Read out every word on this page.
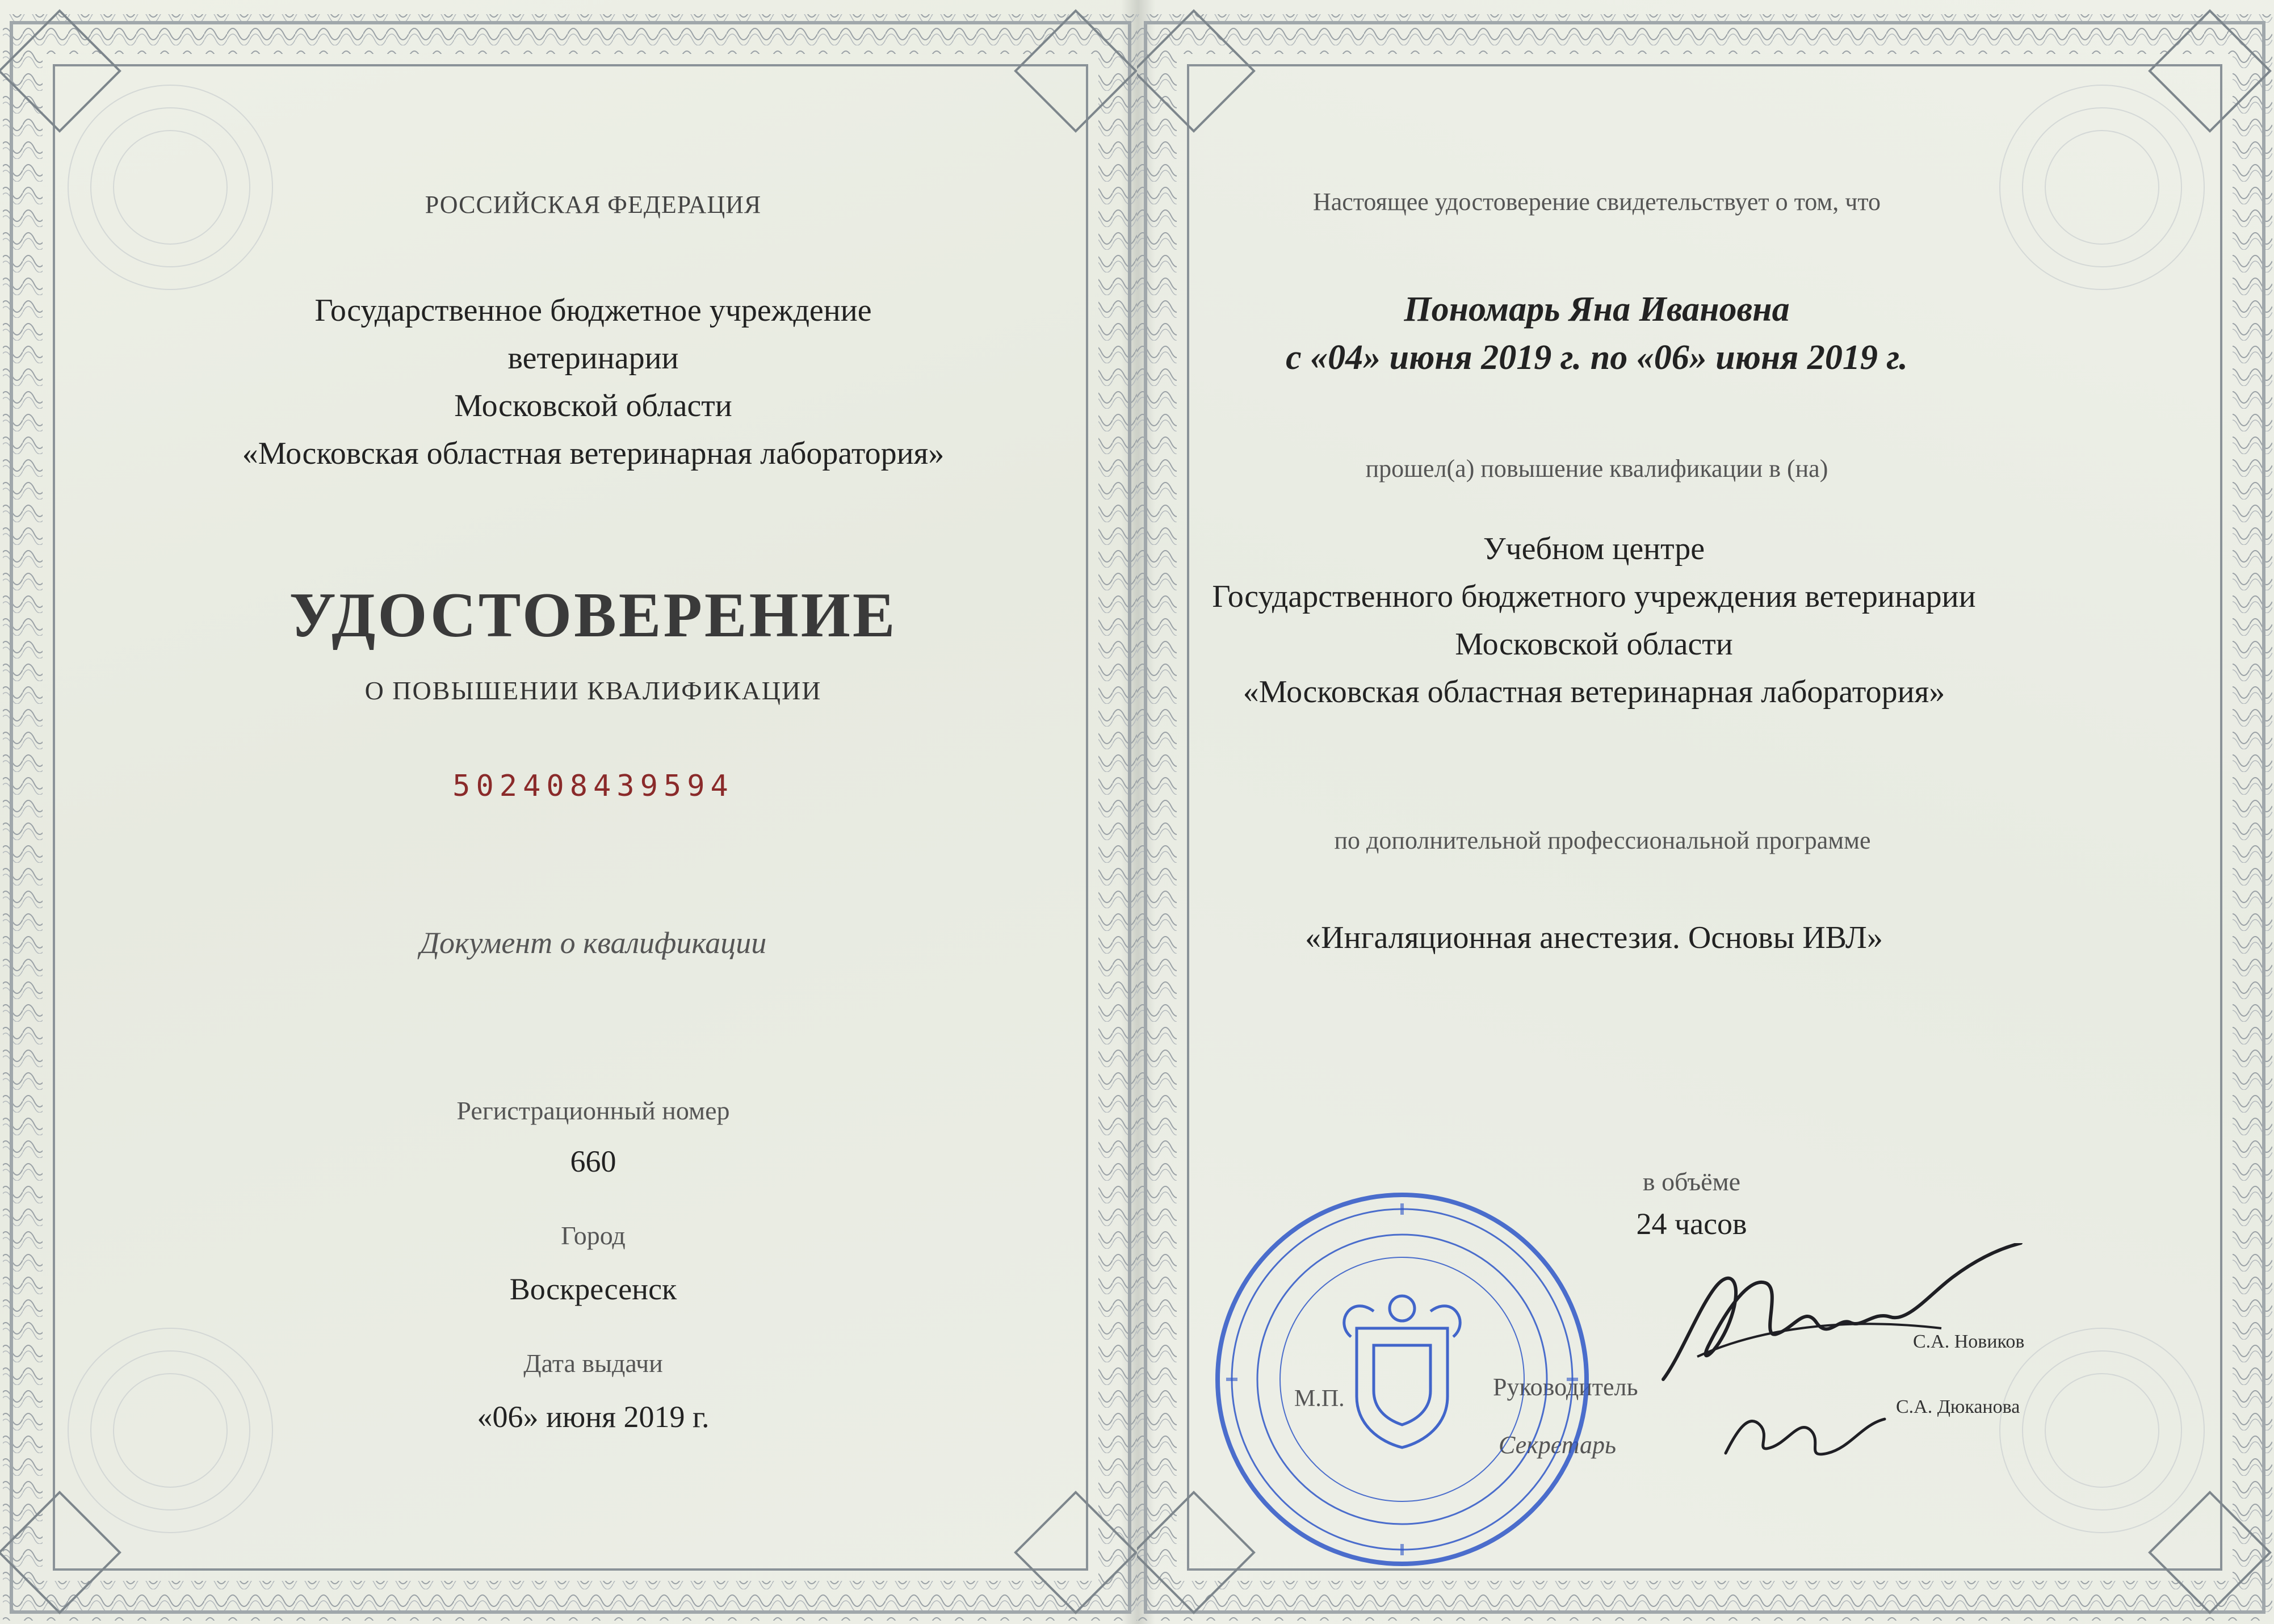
РОССИЙСКАЯ ФЕДЕРАЦИЯ
Государственное бюджетное учреждение
ветеринарии
Московской области
«Московская областная ветеринарная лаборатория»
УДОСТОВЕРЕНИЕ
О ПОВЫШЕНИИ КВАЛИФИКАЦИИ
502408439594
Документ о квалификации
Регистрационный номер
660
Город
Воскресенск
Дата выдачи
«06» июня 2019 г.
Настоящее удостоверение свидетельствует о том, что
Пономарь Яна Ивановна
с «04» июня 2019 г. по «06» июня 2019 г.
прошел(а) повышение квалификации в (на)
Учебном центре
Государственного бюджетного учреждения ветеринарии
Московской области
«Московская областная ветеринарная лаборатория»
по дополнительной профессиональной программе
«Ингаляционная анестезия. Основы ИВЛ»
в объёме
24 часов
М.П.	Руководитель
Секретарь
С.А. Новиков
С.А. Дюканова
